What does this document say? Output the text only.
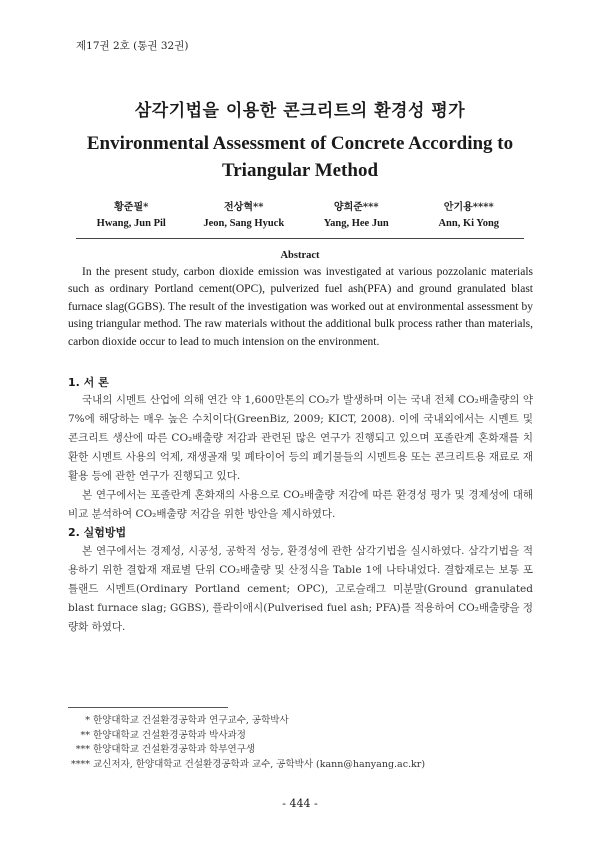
제17권 2호 (통권 32권)
삼각기법을 이용한 콘크리트의 환경성 평가
Environmental Assessment of Concrete According to Triangular Method
황준필*
Hwang, Jun Pil
전상혁**
Jeon, Sang Hyuck
양희준***
Yang, Hee Jun
안기용****
Ann, Ki Yong
Abstract

In the present study, carbon dioxide emission was investigated at various pozzolanic materials such as ordinary Portland cement(OPC), pulverized fuel ash(PFA) and ground granulated blast furnace slag(GGBS). The result of the investigation was worked out at environmental assessment by using triangular method. The raw materials without the additional bulk process rather than materials, carbon dioxide occur to lead to much intension on the environment.

1. 서 론

국내의 시멘트 산업에 의해 연간 약 1,600만톤의 CO₂가 발생하며 이는 국내 전체 CO₂배출량의 약 7%에 해당하는 매우 높은 수치이다(GreenBiz, 2009; KICT, 2008). 이에 국내외에서는 시멘트 및 콘크리트 생산에 따른 CO₂배출량 저감과 관련된 많은 연구가 진행되고 있으며 포졸란계 혼화재를 치환한 시멘트 사용의 억제, 재생골재 및 폐타이어 등의 폐기물들의 시멘트용 또는 콘크리트용 재료로 재활용 등에 관한 연구가 진행되고 있다.

본 연구에서는 포졸란계 혼화재의 사용으로 CO₂배출량 저감에 따른 환경성 평가 및 경제성에 대해 비교 분석하여 CO₂배출량 저감을 위한 방안을 제시하였다.

2. 실험방법

본 연구에서는 경제성, 시공성, 공학적 성능, 환경성에 관한 삼각기법을 실시하였다. 삼각기법을 적용하기 위한 결합재 재료별 단위 CO₂배출량 및 산정식을 Table 1에 나타내었다. 결합재로는 보통 포틀랜드 시멘트(Ordinary Portland cement; OPC), 고로슬래그 미분말(Ground granulated blast furnace slag; GGBS), 플라이애시(Pulverised fuel ash; PFA)를 적용하여 CO₂배출량을 정량화 하였다.

* 한양대학교 건설환경공학과 연구교수, 공학박사
** 한양대학교 건설환경공학과 박사과정
*** 한양대학교 건설환경공학과 학부연구생
**** 교신저자, 한양대학교 건설환경공학과 교수, 공학박사 (kann@hanyang.ac.kr)
- 444 -
